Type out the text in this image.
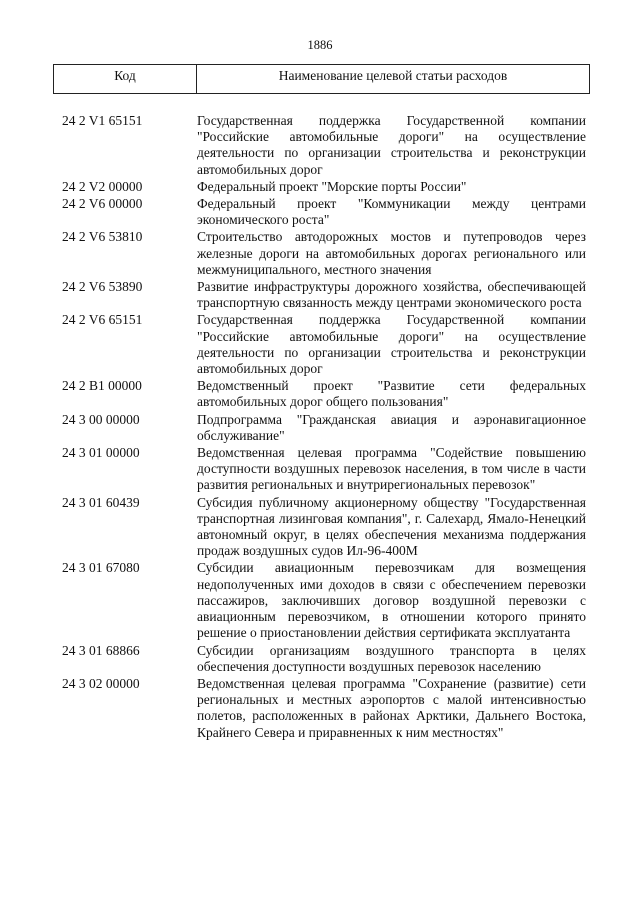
1886
Код	Наименование целевой статьи расходов
24 2 V1 65151	Государственная поддержка Государственной компании "Российские автомобильные дороги" на осуществление деятельности по организации строительства и реконструкции автомобильных дорог
24 2 V2 00000	Федеральный проект "Морские порты России"
24 2 V6 00000	Федеральный проект "Коммуникации между центрами экономического роста"
24 2 V6 53810	Строительство автодорожных мостов и путепроводов через железные дороги на автомобильных дорогах регионального или межмуниципального, местного значения
24 2 V6 53890	Развитие инфраструктуры дорожного хозяйства, обеспечивающей транспортную связанность между центрами экономического роста
24 2 V6 65151	Государственная поддержка Государственной компании "Российские автомобильные дороги" на осуществление деятельности по организации строительства и реконструкции автомобильных дорог
24 2 B1 00000	Ведомственный проект "Развитие сети федеральных автомобильных дорог общего пользования"
24 3 00 00000	Подпрограмма "Гражданская авиация и аэронавигационное обслуживание"
24 3 01 00000	Ведомственная целевая программа "Содействие повышению доступности воздушных перевозок населения, в том числе в части развития региональных и внутрирегиональных перевозок"
24 3 01 60439	Субсидия публичному акционерному обществу "Государственная транспортная лизинговая компания", г. Салехард, Ямало-Ненецкий автономный округ, в целях обеспечения механизма поддержания продаж воздушных судов Ил-96-400М
24 3 01 67080	Субсидии авиационным перевозчикам для возмещения недополученных ими доходов в связи с обеспечением перевозки пассажиров, заключивших договор воздушной перевозки с авиационным перевозчиком, в отношении которого принято решение о приостановлении действия сертификата эксплуатанта
24 3 01 68866	Субсидии организациям воздушного транспорта в целях обеспечения доступности воздушных перевозок населению
24 3 02 00000	Ведомственная целевая программа "Сохранение (развитие) сети региональных и местных аэропортов с малой интенсивностью полетов, расположенных в районах Арктики, Дальнего Востока, Крайнего Севера и приравненных к ним местностях"
